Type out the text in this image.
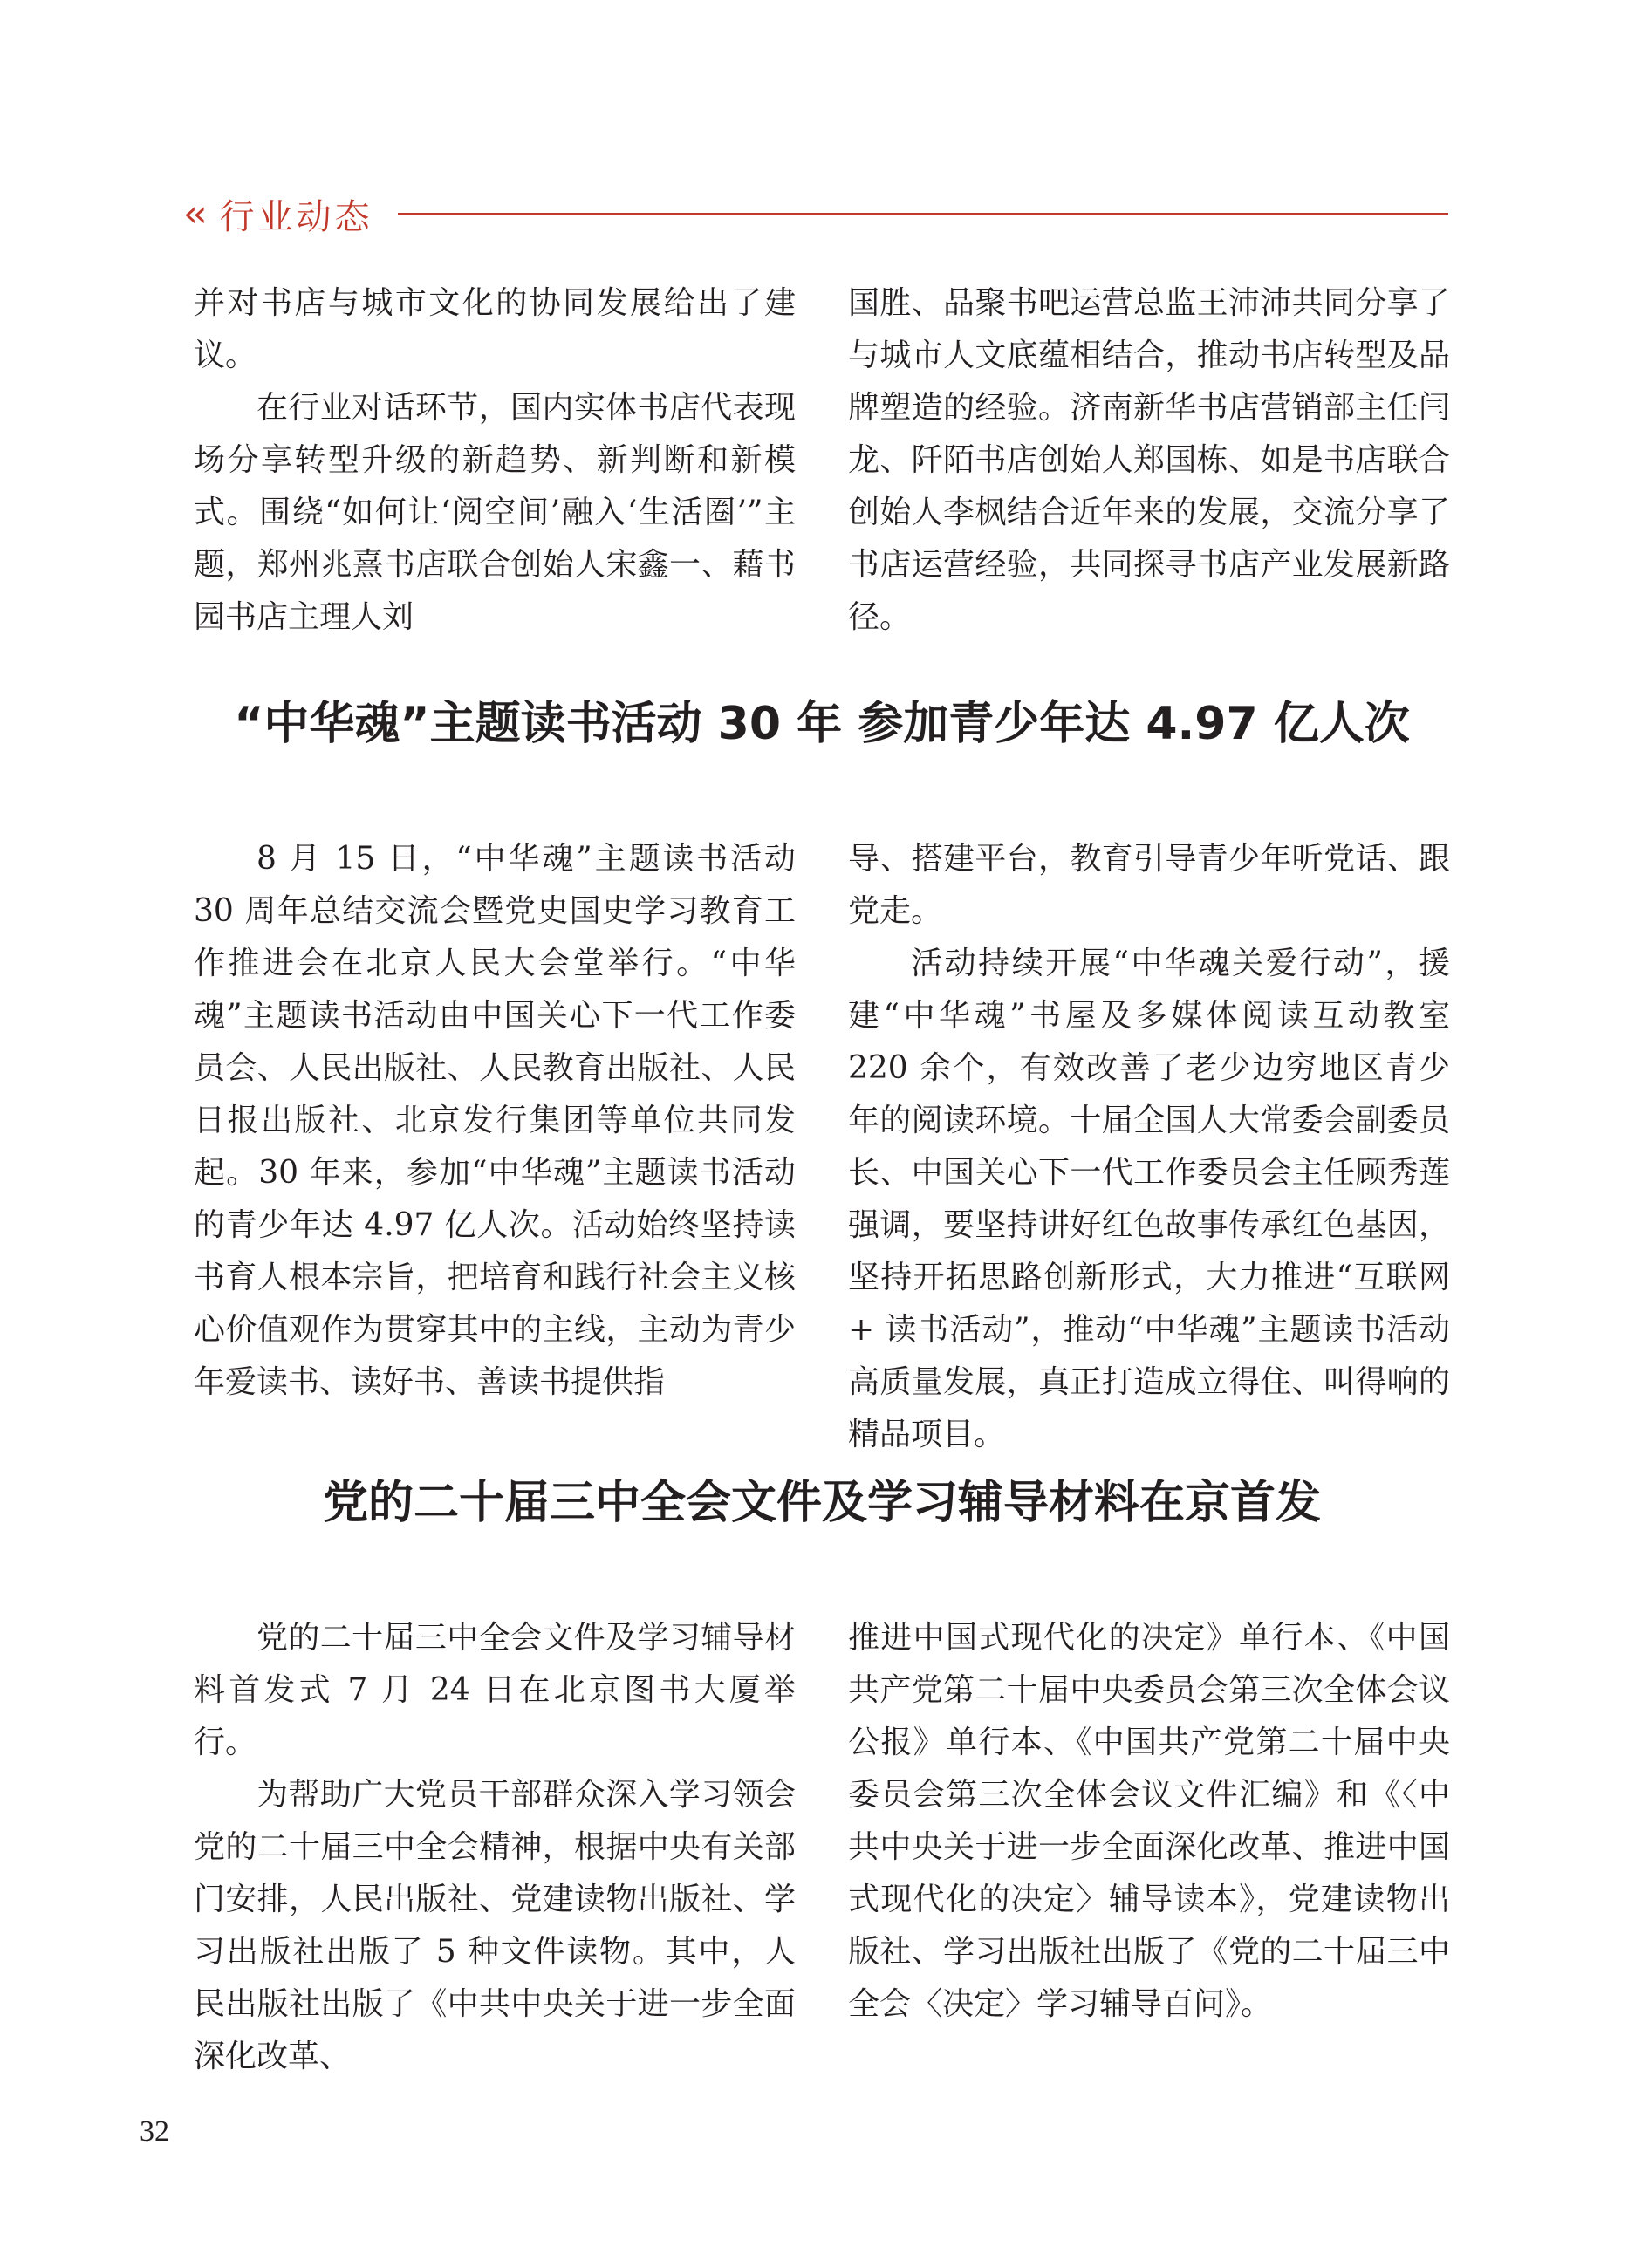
‹‹ 行业动态

并对书店与城市文化的协同发展给出了建议。

在行业对话环节，国内实体书店代表现场分享转型升级的新趋势、新判断和新模式。围绕“如何让‘阅空间’融入‘生活圈’”主题，郑州兆熹书店联合创始人宋鑫一、藉书园书店主理人刘

国胜、品聚书吧运营总监王沛沛共同分享了与城市人文底蕴相结合，推动书店转型及品牌塑造的经验。济南新华书店营销部主任闫龙、阡陌书店创始人郑国栋、如是书店联合创始人李枫结合近年来的发展，交流分享了书店运营经验，共同探寻书店产业发展新路径。

“中华魂”主题读书活动 30 年 参加青少年达 4.97 亿人次

8 月 15 日，“中华魂”主题读书活动 30 周年总结交流会暨党史国史学习教育工作推进会在北京人民大会堂举行。“中华魂”主题读书活动由中国关心下一代工作委员会、人民出版社、人民教育出版社、人民日报出版社、北京发行集团等单位共同发起。30 年来，参加“中华魂”主题读书活动的青少年达 4.97 亿人次。活动始终坚持读书育人根本宗旨，把培育和践行社会主义核心价值观作为贯穿其中的主线，主动为青少年爱读书、读好书、善读书提供指

导、搭建平台，教育引导青少年听党话、跟党走。

活动持续开展“中华魂关爱行动”，援建“中华魂”书屋及多媒体阅读互动教室 220 余个，有效改善了老少边穷地区青少年的阅读环境。十届全国人大常委会副委员长、中国关心下一代工作委员会主任顾秀莲强调，要坚持讲好红色故事传承红色基因，坚持开拓思路创新形式，大力推进“互联网 + 读书活动”，推动“中华魂”主题读书活动高质量发展，真正打造成立得住、叫得响的精品项目。

党的二十届三中全会文件及学习辅导材料在京首发

党的二十届三中全会文件及学习辅导材料首发式 7 月 24 日在北京图书大厦举行。

为帮助广大党员干部群众深入学习领会党的二十届三中全会精神，根据中央有关部门安排，人民出版社、党建读物出版社、学习出版社出版了 5 种文件读物。其中，人民出版社出版了《中共中央关于进一步全面深化改革、

推进中国式现代化的决定》单行本、《中国共产党第二十届中央委员会第三次全体会议公报》单行本、《中国共产党第二十届中央委员会第三次全体会议文件汇编》和《〈中共中央关于进一步全面深化改革、推进中国式现代化的决定〉辅导读本》，党建读物出版社、学习出版社出版了《党的二十届三中全会〈决定〉学习辅导百问》。

32
